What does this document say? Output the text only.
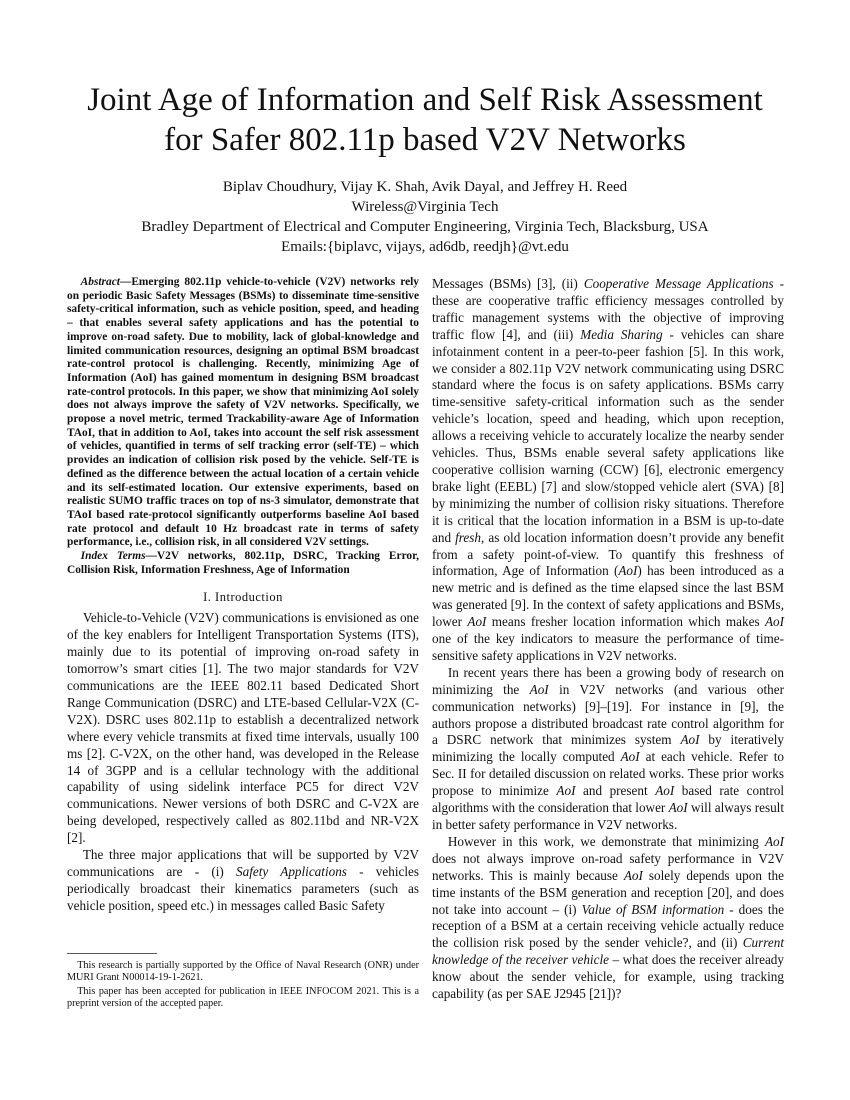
Joint Age of Information and Self Risk Assessment
for Safer 802.11p based V2V Networks
Biplav Choudhury, Vijay K. Shah, Avik Dayal, and Jeffrey H. Reed
Wireless@Virginia Tech
Bradley Department of Electrical and Computer Engineering, Virginia Tech, Blacksburg, USA
Emails:{biplavc, vijays, ad6db, reedjh}@vt.edu

Abstract—Emerging 802.11p vehicle-to-vehicle (V2V) networks rely on periodic Basic Safety Messages (BSMs) to disseminate time-sensitive safety-critical information, such as vehicle position, speed, and heading – that enables several safety applications and has the potential to improve on-road safety. Due to mobility, lack of global-knowledge and limited communication resources, designing an optimal BSM broadcast rate-control protocol is challenging. Recently, minimizing Age of Information (AoI) has gained momentum in designing BSM broadcast rate-control protocols. In this paper, we show that minimizing AoI solely does not always improve the safety of V2V networks. Specifically, we propose a novel metric, termed Trackability-aware Age of Information TAoI, that in addition to AoI, takes into account the self risk assessment of vehicles, quantified in terms of self tracking error (self-TE) – which provides an indication of collision risk posed by the vehicle. Self-TE is defined as the difference between the actual location of a certain vehicle and its self-estimated location. Our extensive experiments, based on realistic SUMO traffic traces on top of ns-3 simulator, demonstrate that TAoI based rate-protocol significantly outperforms baseline AoI based rate protocol and default 10 Hz broadcast rate in terms of safety performance, i.e., collision risk, in all considered V2V settings.

Index Terms—V2V networks, 802.11p, DSRC, Tracking Error, Collision Risk, Information Freshness, Age of Information

I. Introduction

Vehicle-to-Vehicle (V2V) communications is envisioned as one of the key enablers for Intelligent Transportation Systems (ITS), mainly due to its potential of improving on-road safety in tomorrow’s smart cities [1]. The two major standards for V2V communications are the IEEE 802.11 based Dedicated Short Range Communication (DSRC) and LTE-based Cellular-V2X (C-V2X). DSRC uses 802.11p to establish a decentralized network where every vehicle transmits at fixed time intervals, usually 100 ms [2]. C-V2X, on the other hand, was developed in the Release 14 of 3GPP and is a cellular technology with the additional capability of using sidelink interface PC5 for direct V2V communications. Newer versions of both DSRC and C-V2X are being developed, respectively called as 802.11bd and NR-V2X [2].

The three major applications that will be supported by V2V communications are - (i) Safety Applications - vehicles periodically broadcast their kinematics parameters (such as vehicle position, speed etc.) in messages called Basic Safety

This research is partially supported by the Office of Naval Research (ONR) under MURI Grant N00014-19-1-2621.

This paper has been accepted for publication in IEEE INFOCOM 2021. This is a preprint version of the accepted paper.

Messages (BSMs) [3], (ii) Cooperative Message Applications - these are cooperative traffic efficiency messages controlled by traffic management systems with the objective of improving traffic flow [4], and (iii) Media Sharing - vehicles can share infotainment content in a peer-to-peer fashion [5]. In this work, we consider a 802.11p V2V network communicating using DSRC standard where the focus is on safety applications. BSMs carry time-sensitive safety-critical information such as the sender vehicle’s location, speed and heading, which upon reception, allows a receiving vehicle to accurately localize the nearby sender vehicles. Thus, BSMs enable several safety applications like cooperative collision warning (CCW) [6], electronic emergency brake light (EEBL) [7] and slow/stopped vehicle alert (SVA) [8] by minimizing the number of collision risky situations. Therefore it is critical that the location information in a BSM is up-to-date and fresh, as old location information doesn’t provide any benefit from a safety point-of-view. To quantify this freshness of information, Age of Information (AoI) has been introduced as a new metric and is defined as the time elapsed since the last BSM was generated [9]. In the context of safety applications and BSMs, lower AoI means fresher location information which makes AoI one of the key indicators to measure the performance of time-sensitive safety applications in V2V networks.

In recent years there has been a growing body of research on minimizing the AoI in V2V networks (and various other communication networks) [9]–[19]. For instance in [9], the authors propose a distributed broadcast rate control algorithm for a DSRC network that minimizes system AoI by iteratively minimizing the locally computed AoI at each vehicle. Refer to Sec. II for detailed discussion on related works. These prior works propose to minimize AoI and present AoI based rate control algorithms with the consideration that lower AoI will always result in better safety performance in V2V networks.

However in this work, we demonstrate that minimizing AoI does not always improve on-road safety performance in V2V networks. This is mainly because AoI solely depends upon the time instants of the BSM generation and reception [20], and does not take into account – (i) Value of BSM information - does the reception of a BSM at a certain receiving vehicle actually reduce the collision risk posed by the sender vehicle?, and (ii) Current knowledge of the receiver vehicle – what does the receiver already know about the sender vehicle, for example, using tracking capability (as per SAE J2945 [21])?
